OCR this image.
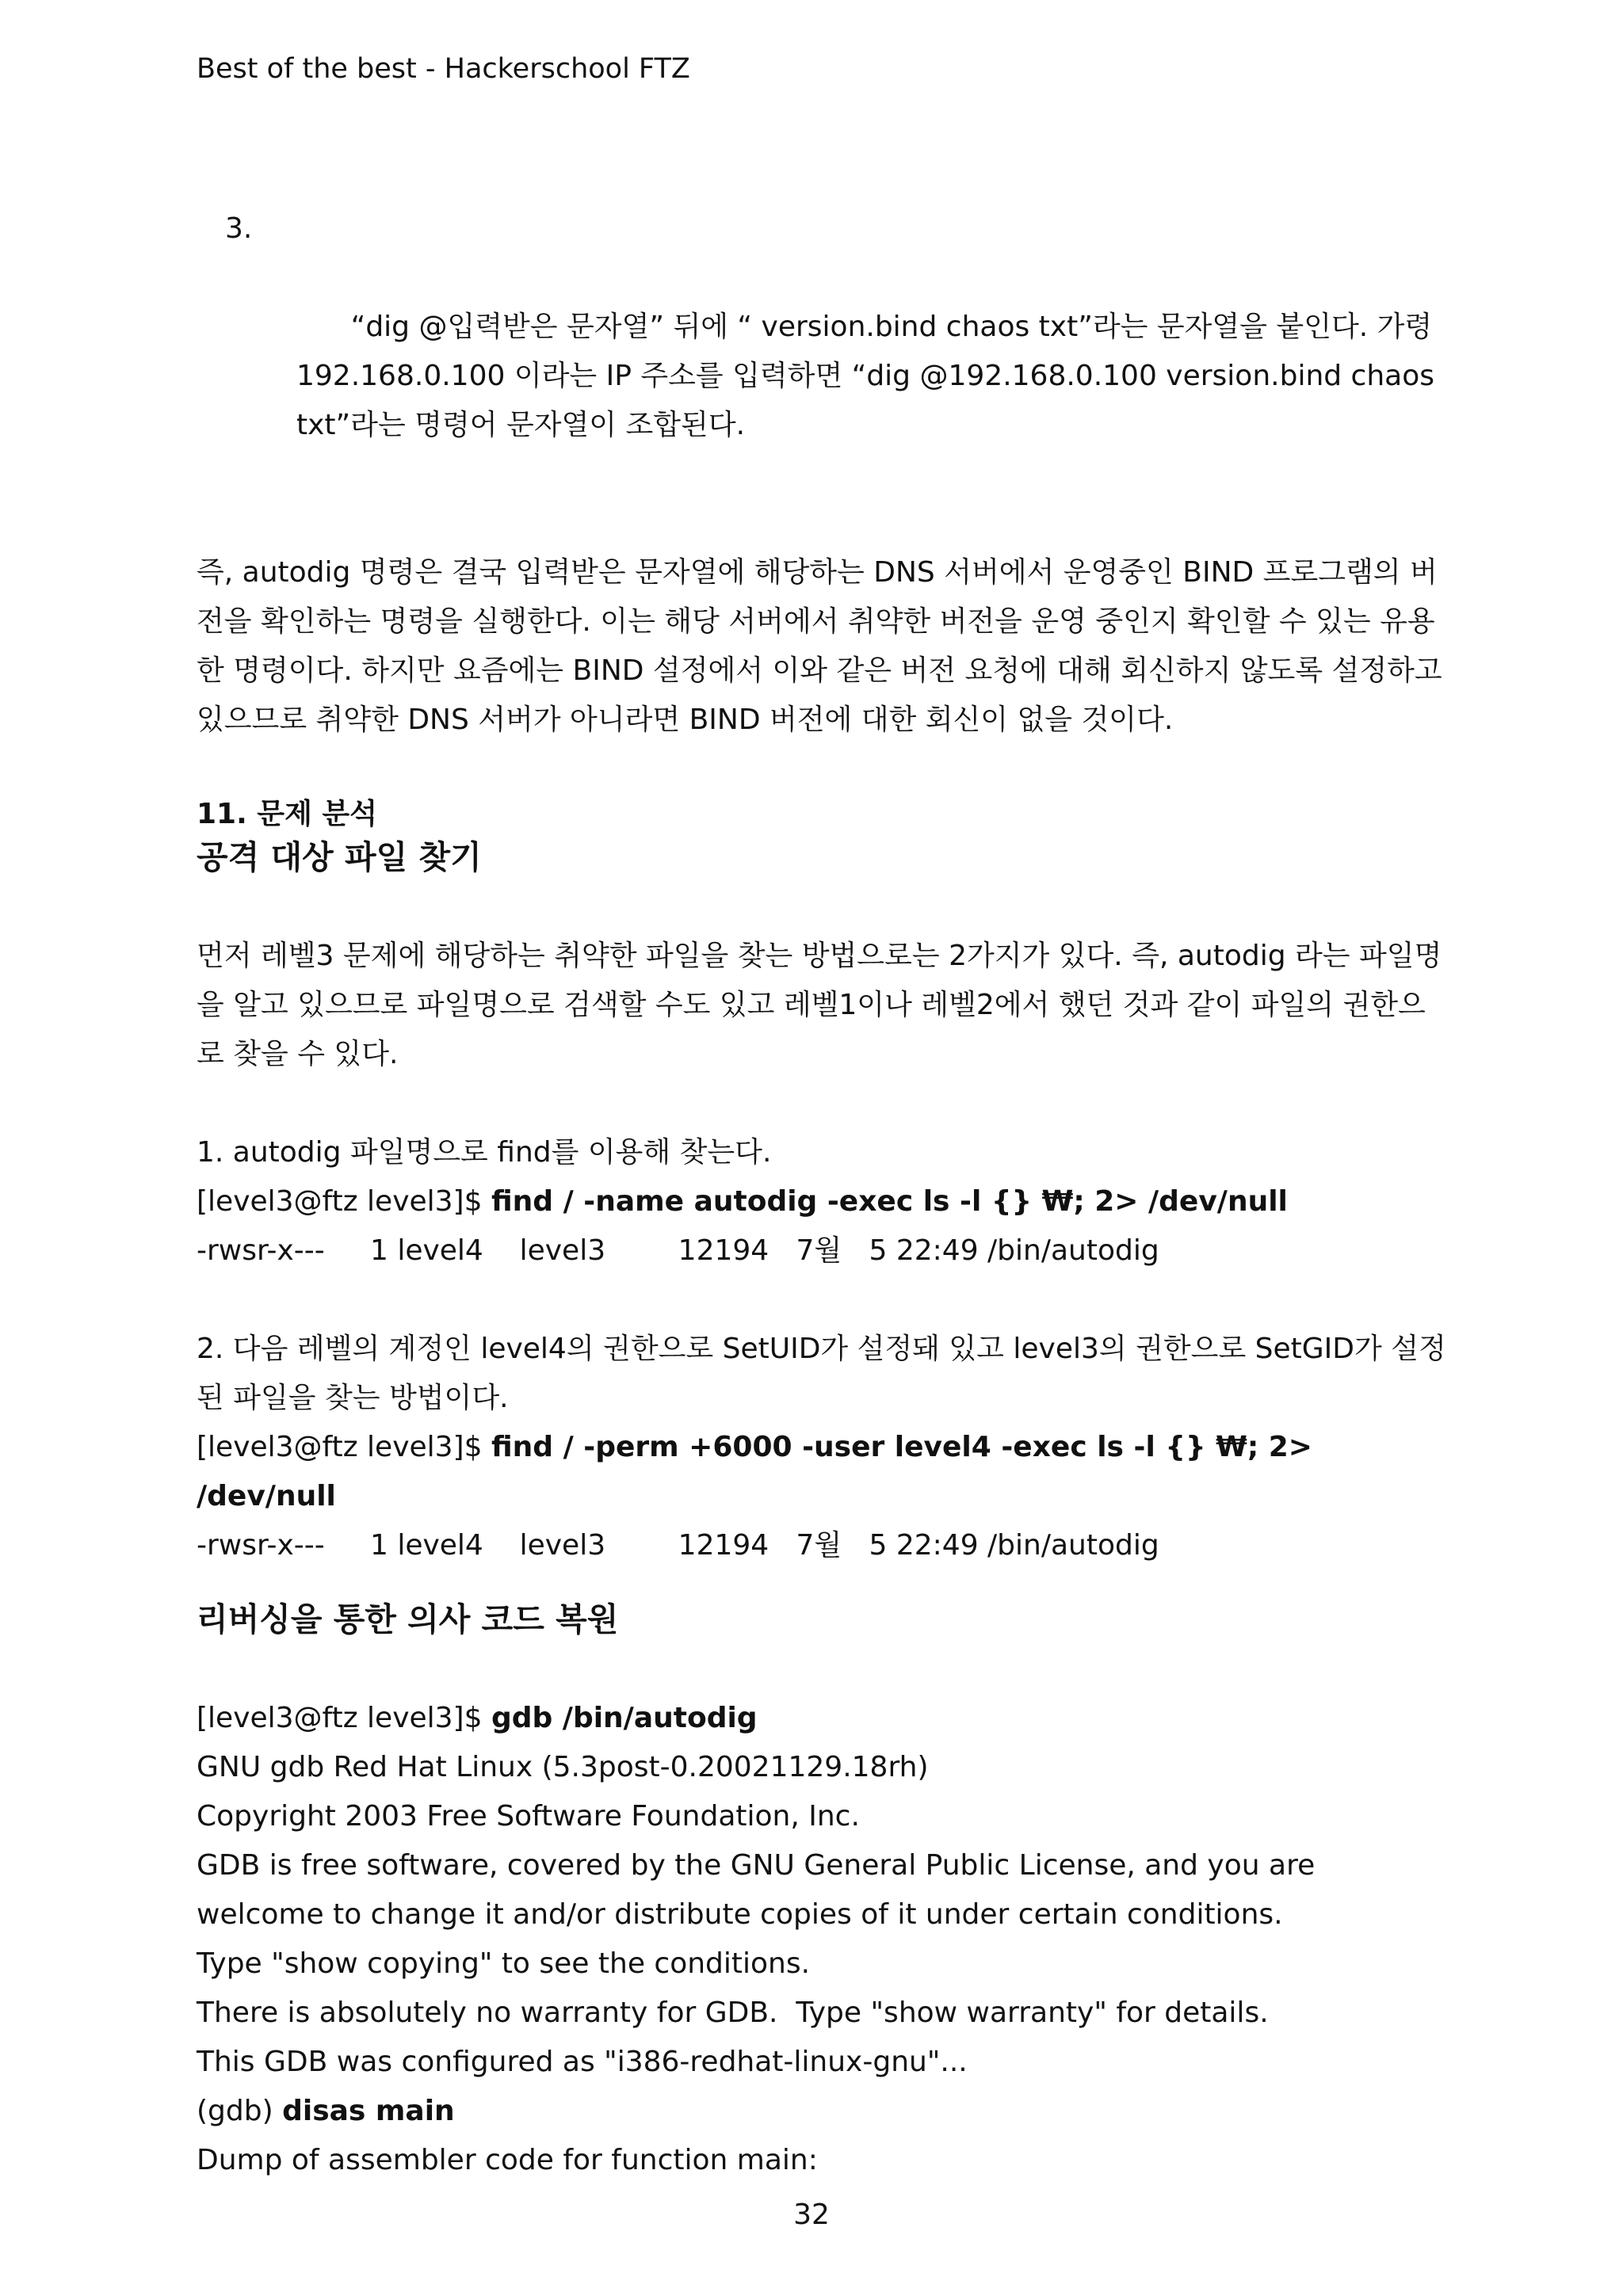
Best of the best - Hackerschool FTZ

3.

“dig @입력받은 문자열” 뒤에 “ version.bind chaos txt”라는 문자열을 붙인다. 가령 192.168.0.100 이라는 IP 주소를 입력하면 “dig @192.168.0.100 version.bind chaos txt”라는 명령어 문자열이 조합된다.

즉, autodig 명령은 결국 입력받은 문자열에 해당하는 DNS 서버에서 운영중인 BIND 프로그램의 버전을 확인하는 명령을 실행한다. 이는 해당 서버에서 취약한 버전을 운영 중인지 확인할 수 있는 유용한 명령이다. 하지만 요즘에는 BIND 설정에서 이와 같은 버전 요청에 대해 회신하지 않도록 설정하고 있으므로 취약한 DNS 서버가 아니라면 BIND 버전에 대한 회신이 없을 것이다.

11. 문제 분석

공격 대상 파일 찾기

먼저 레벨3 문제에 해당하는 취약한 파일을 찾는 방법으로는 2가지가 있다. 즉, autodig 라는 파일명을 알고 있으므로 파일명으로 검색할 수도 있고 레벨1이나 레벨2에서 했던 것과 같이 파일의 권한으로 찾을 수 있다.

1. autodig 파일명으로 find를 이용해 찾는다.

[level3@ftz level3]$ find / -name autodig -exec ls -l {} ₩; 2> /dev/null

-rwsr-x---     1 level4    level3        12194   7월   5 22:49 /bin/autodig

2. 다음 레벨의 계정인 level4의 권한으로 SetUID가 설정돼 있고 level3의 권한으로 SetGID가 설정된 파일을 찾는 방법이다.

[level3@ftz level3]$ find / -perm +6000 -user level4 -exec ls -l {} ₩; 2> /dev/null

-rwsr-x---     1 level4    level3        12194   7월   5 22:49 /bin/autodig

리버싱을 통한 의사 코드 복원

[level3@ftz level3]$ gdb /bin/autodig

GNU gdb Red Hat Linux (5.3post-0.20021129.18rh)

Copyright 2003 Free Software Foundation, Inc.

GDB is free software, covered by the GNU General Public License, and you are

welcome to change it and/or distribute copies of it under certain conditions.

Type "show copying" to see the conditions.

There is absolutely no warranty for GDB.  Type "show warranty" for details.

This GDB was configured as "i386-redhat-linux-gnu"...

(gdb) disas main

Dump of assembler code for function main:

32
